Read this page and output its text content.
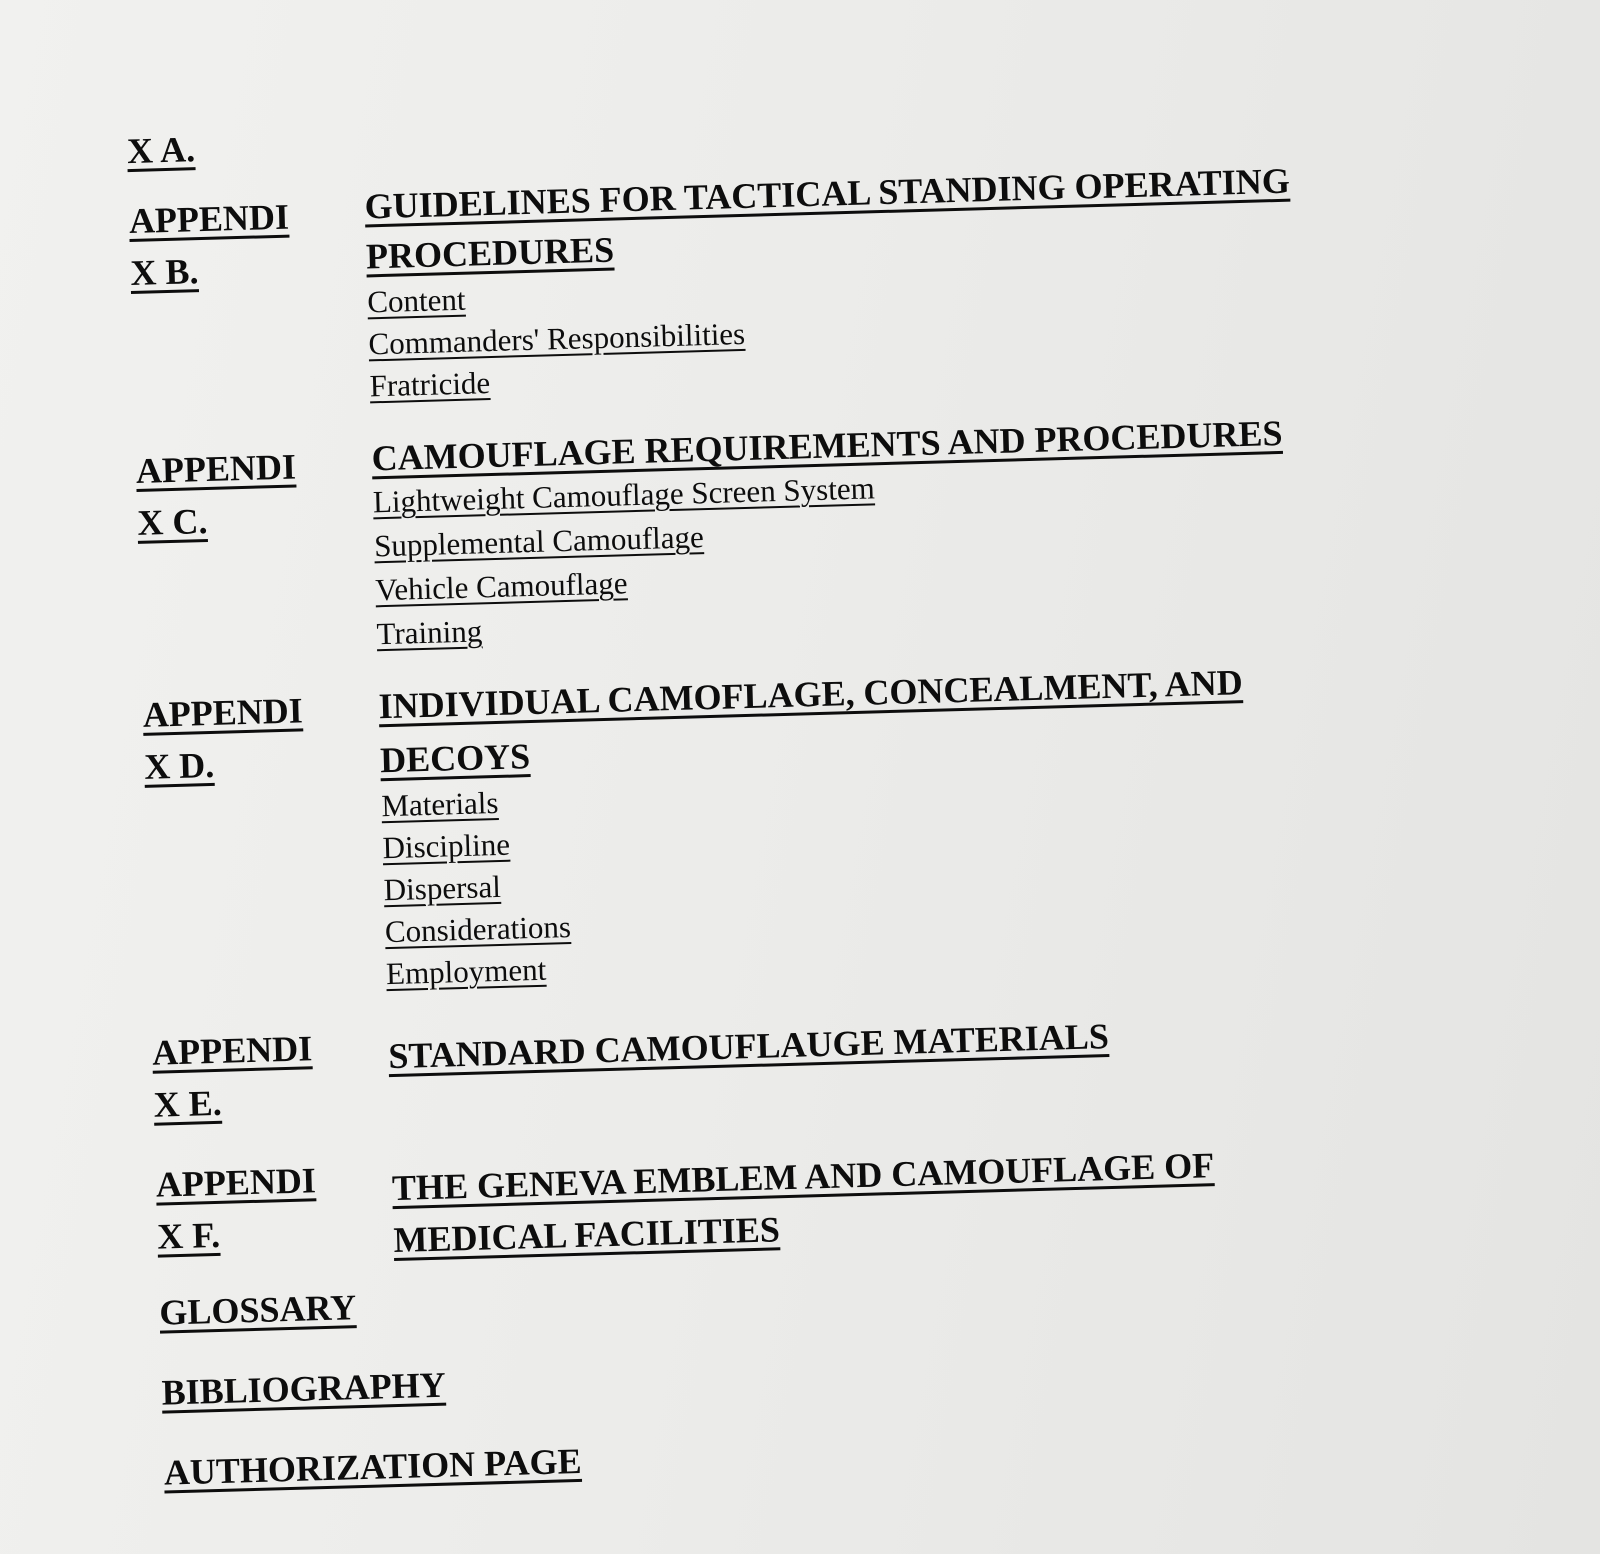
X A.
APPENDI
X B.
GUIDELINES FOR TACTICAL STANDING OPERATING
PROCEDURES
Content
Commanders' Responsibilities
Fratricide
APPENDI
X C.
CAMOUFLAGE REQUIREMENTS AND PROCEDURES
Lightweight Camouflage Screen System
Supplemental Camouflage
Vehicle Camouflage
Training
APPENDI
X D.
INDIVIDUAL CAMOFLAGE, CONCEALMENT, AND
DECOYS
Materials
Discipline
Dispersal
Considerations
Employment
APPENDI
X E.
STANDARD CAMOUFLAUGE MATERIALS
APPENDI
X F.
THE GENEVA EMBLEM AND CAMOUFLAGE OF
MEDICAL FACILITIES
GLOSSARY
BIBLIOGRAPHY
AUTHORIZATION PAGE
